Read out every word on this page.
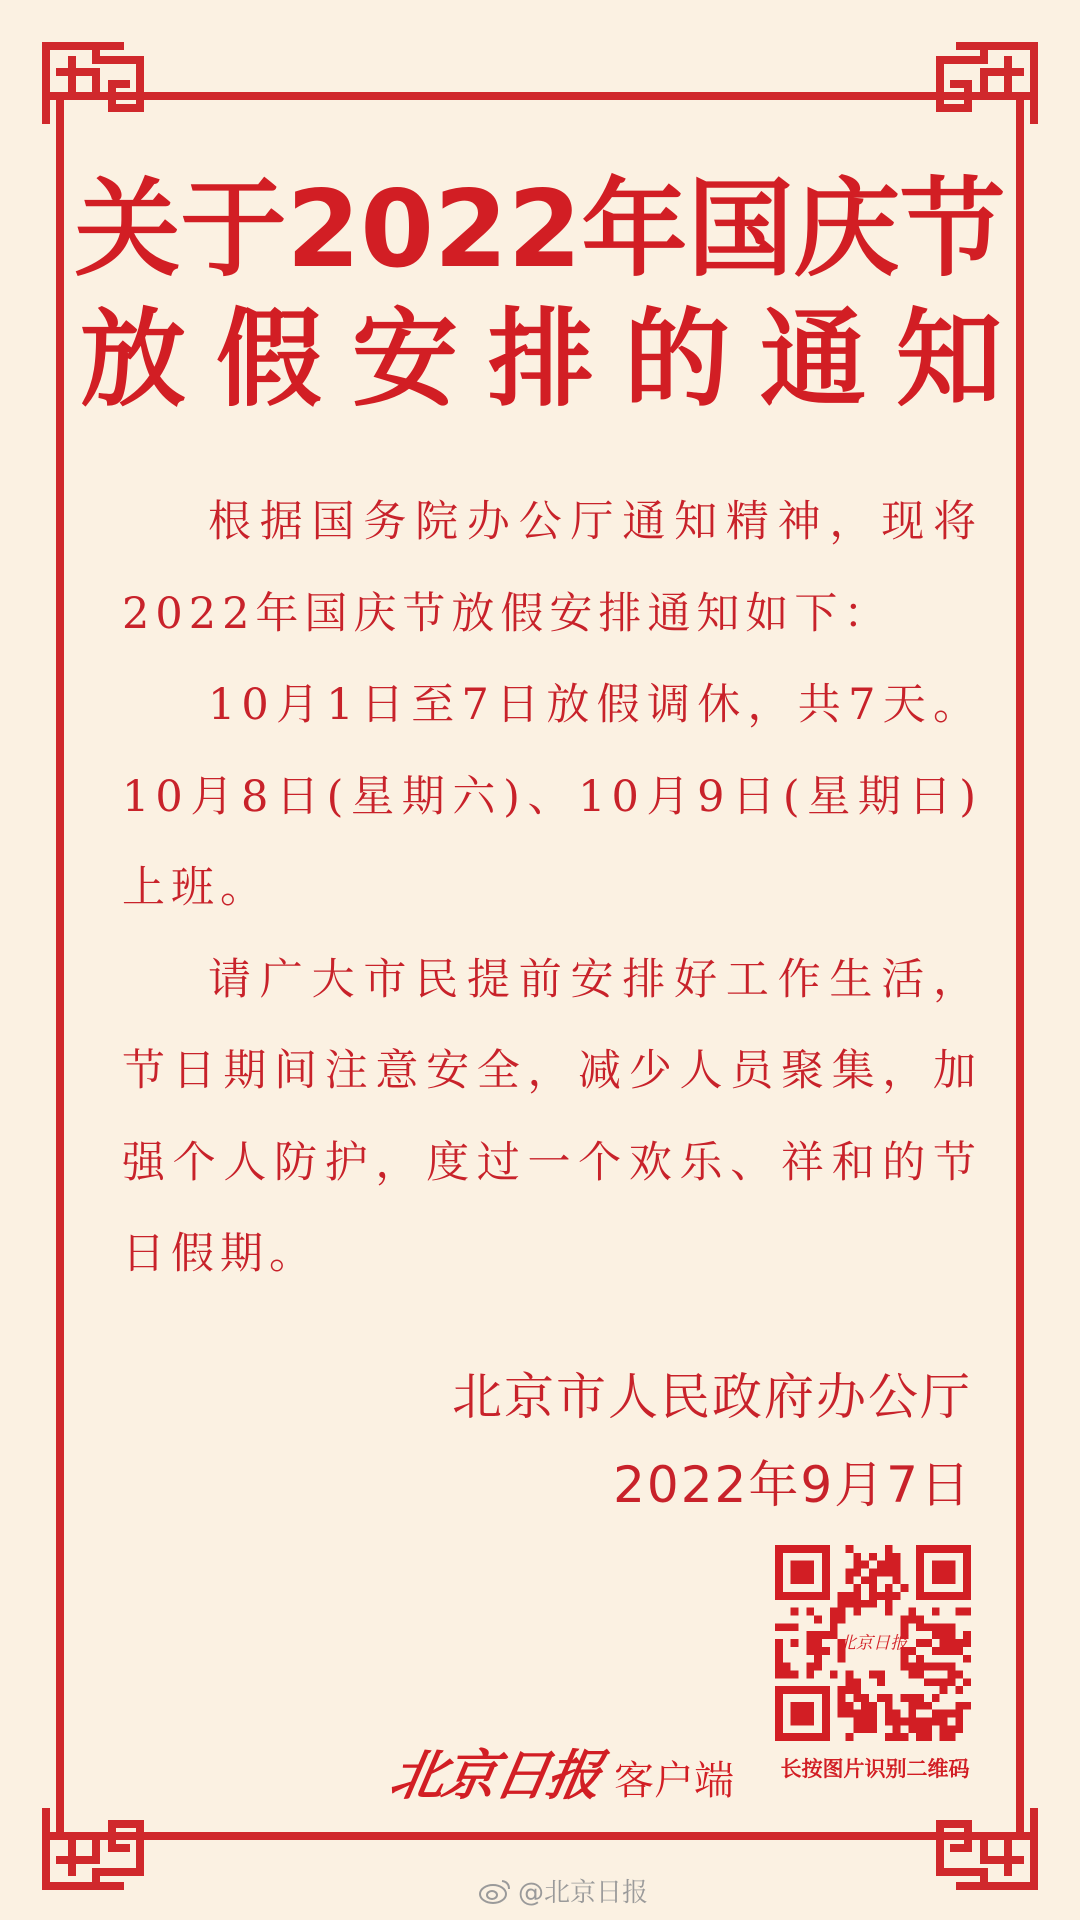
关于2022年国庆节
放假安排的通知

根据国务院办公厅通知精神，现将2022年国庆节放假安排通知如下：

10月1日至7日放假调休，共7天。10月8日(星期六)、10月9日(星期日)上班。

请广大市民提前安排好工作生活，节日期间注意安全，减少人员聚集，加强个人防护，度过一个欢乐、祥和的节日假期。

北京市人民政府办公厅
2022年9月7日
北京日报 客户端
北京日报
长按图片识别二维码
@北京日报
